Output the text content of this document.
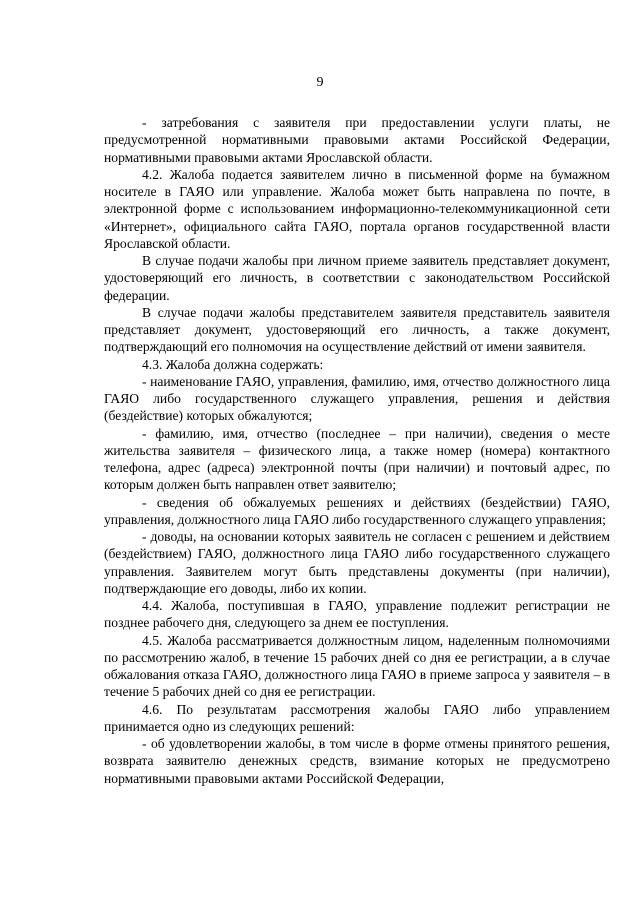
9

- затребования с заявителя при предоставлении услуги платы, не предусмотренной нормативными правовыми актами Российской Федерации, нормативными правовыми актами Ярославской области.

4.2. Жалоба подается заявителем лично в письменной форме на бумажном носителе в ГАЯО или управление. Жалоба может быть направлена по почте, в электронной форме с использованием информационно-телекоммуникационной сети «Интернет», официального сайта ГАЯО, портала органов государственной власти Ярославской области.

В случае подачи жалобы при личном приеме заявитель представляет документ, удостоверяющий его личность, в соответствии с законодательством Российской федерации.

В случае подачи жалобы представителем заявителя представитель заявителя представляет документ, удостоверяющий его личность, а также документ, подтверждающий его полномочия на осуществление действий от имени заявителя.

4.3. Жалоба должна содержать:

- наименование ГАЯО, управления, фамилию, имя, отчество должностного лица ГАЯО либо государственного служащего управления, решения и действия (бездействие) которых обжалуются;

- фамилию, имя, отчество (последнее – при наличии), сведения о месте жительства заявителя – физического лица, а также номер (номера) контактного телефона, адрес (адреса) электронной почты (при наличии) и почтовый адрес, по которым должен быть направлен ответ заявителю;

- сведения об обжалуемых решениях и действиях (бездействии) ГАЯО, управления, должностного лица ГАЯО либо государственного служащего управления;

- доводы, на основании которых заявитель не согласен с решением и действием (бездействием) ГАЯО, должностного лица ГАЯО либо государственного служащего управления. Заявителем могут быть представлены документы (при наличии), подтверждающие его доводы, либо их копии.

4.4. Жалоба, поступившая в ГАЯО, управление подлежит регистрации не позднее рабочего дня, следующего за днем ее поступления.

4.5. Жалоба рассматривается должностным лицом, наделенным полномочиями по рассмотрению жалоб, в течение 15 рабочих дней со дня ее регистрации, а в случае обжалования отказа ГАЯО, должностного лица ГАЯО в приеме запроса у заявителя – в течение 5 рабочих дней со дня ее регистрации.

4.6. По результатам рассмотрения жалобы ГАЯО либо управлением принимается одно из следующих решений:

- об удовлетворении жалобы, в том числе в форме отмены принятого решения, возврата заявителю денежных средств, взимание которых не предусмотрено нормативными правовыми актами Российской Федерации,
